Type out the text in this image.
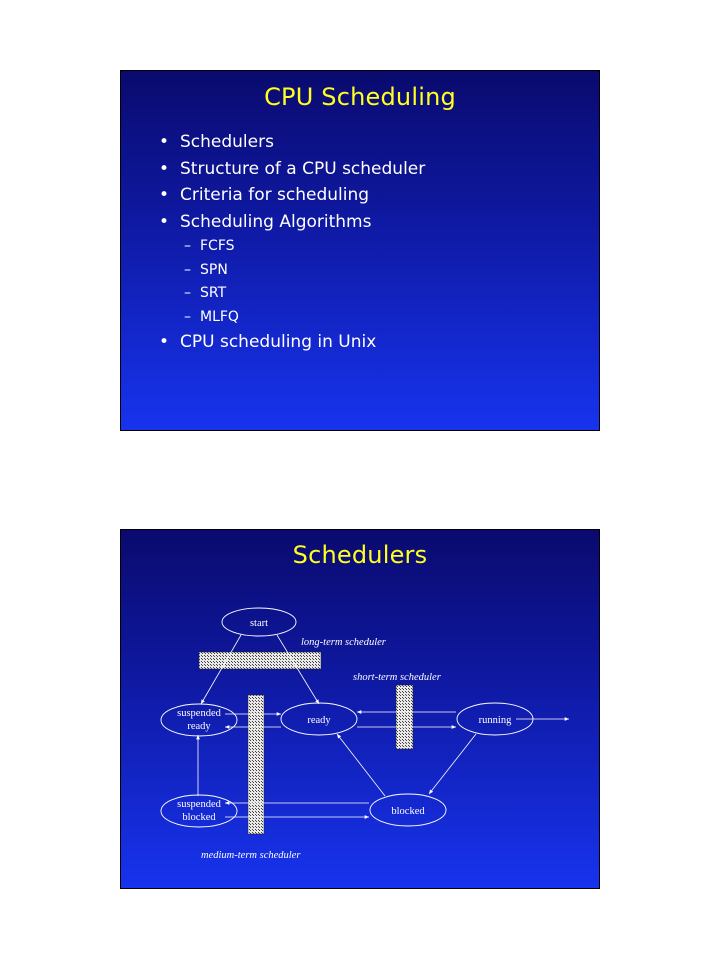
CPU Scheduling
• Schedulers
• Structure of a CPU scheduler
• Criteria for scheduling
• Scheduling Algorithms
– FCFS
– SPN
– SRT
– MLFQ
• CPU scheduling in Unix
Schedulers
start
suspended
ready
ready	running
suspended
blocked
blocked
long-term scheduler
short-term scheduler
medium-term scheduler
